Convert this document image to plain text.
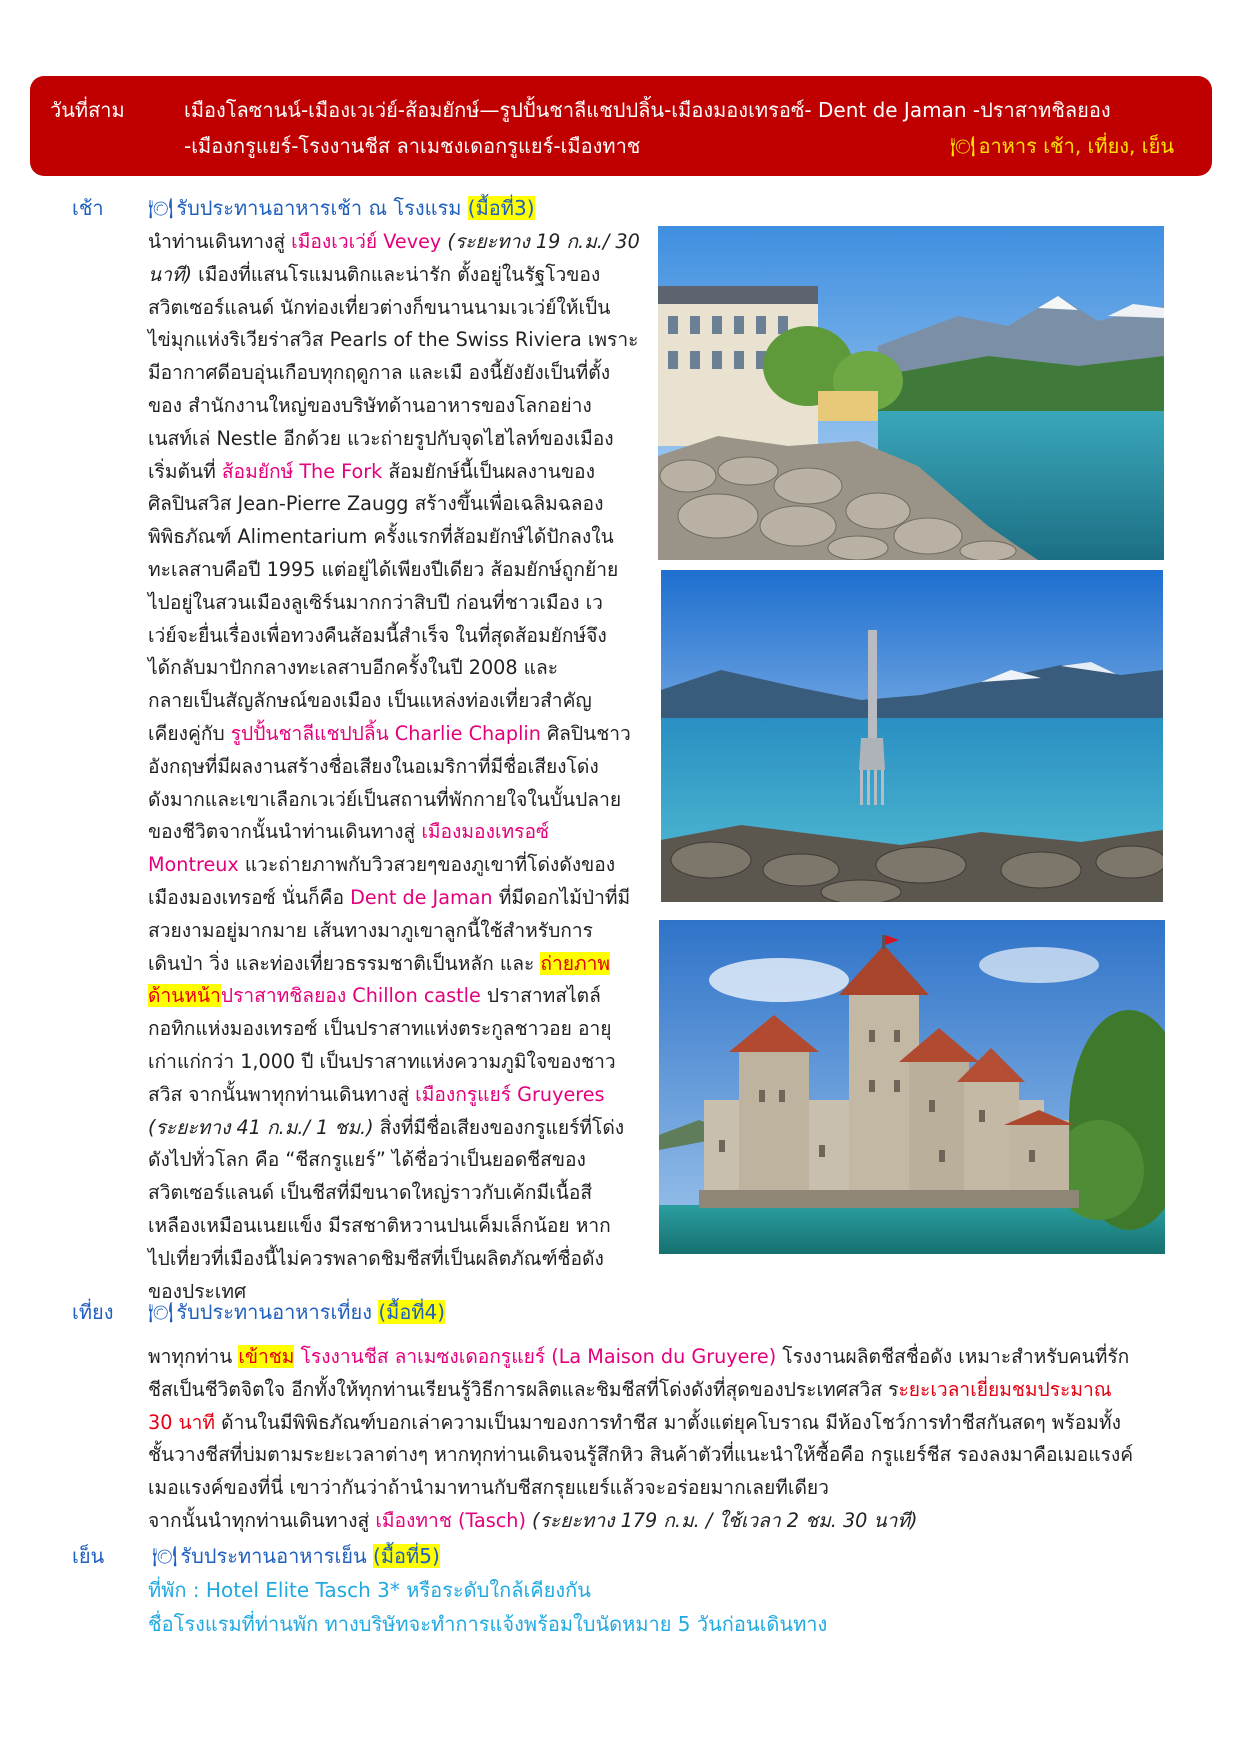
วันที่สาม	เมืองโลซานน์-เมืองเวเว่ย์-ส้อมยักษ์—รูปปั้นชาลีแชปปลิ้น-เมืองมองเทรอซ์- Dent de Jaman -ปราสาทชิลยอง
-เมืองกรูแยร์-โรงงานชีส ลาเมชงเดอกรูแยร์-เมืองทาช	🍽 อาหาร เช้า, เที่ยง, เย็น
เช้า 🍽 รับประทานอาหารเช้า ณ โรงแรม (มื้อที่3)
นำท่านเดินทางสู่ เมืองเวเว่ย์ Vevey (ระยะทาง 19 ก.ม./ 30
นาที) เมืองที่แสนโรแมนติกและน่ารัก ตั้งอยู่ในรัฐโวของ
สวิตเซอร์แลนด์ นักท่องเที่ยวต่างก็ขนานนามเวเว่ย์ให้เป็น
ไข่มุกแห่งริเวียร่าสวิส Pearls of the Swiss Riviera เพราะ
มีอากาศดีอบอุ่นเกือบทุกฤดูกาล และเมื องนี้ยังยังเป็นที่ตั้ง
ของ สำนักงานใหญ่ของบริษัทด้านอาหารของโลกอย่าง
เนสท์เล่ Nestle อีกด้วย แวะถ่ายรูปกับจุดไฮไลท์ของเมือง
เริ่มต้นที่ ส้อมยักษ์ The Fork ส้อมยักษ์นี้เป็นผลงานของ
ศิลปินสวิส Jean-Pierre Zaugg สร้างขึ้นเพื่อเฉลิมฉลอง
พิพิธภัณฑ์ Alimentarium ครั้งแรกที่ส้อมยักษ์ได้ปักลงใน
ทะเลสาบคือปี 1995 แต่อยู่ได้เพียงปีเดียว ส้อมยักษ์ถูกย้าย
ไปอยู่ในสวนเมืองลูเซิร์นมากกว่าสิบปี ก่อนที่ชาวเมือง เว
เว่ย์จะยื่นเรื่องเพื่อทวงคืนส้อมนี้สำเร็จ ในที่สุดส้อมยักษ์จึง
ได้กลับมาปักกลางทะเลสาบอีกครั้งในปี 2008 และ
กลายเป็นสัญลักษณ์ของเมือง เป็นแหล่งท่องเที่ยวสำคัญ
เคียงคู่กับ รูปปั้นชาลีแชปปลิ้น Charlie Chaplin ศิลปินชาว
อังกฤษที่มีผลงานสร้างชื่อเสียงในอเมริกาที่มีชื่อเสียงโด่ง
ดังมากและเขาเลือกเวเว่ย์เป็นสถานที่พักกายใจในบั้นปลาย
ของชีวิตจากนั้นนำท่านเดินทางสู่ เมืองมองเทรอซ์
Montreux แวะถ่ายภาพกับวิวสวยๆของภูเขาที่โด่งดังของ
เมืองมองเทรอซ์ นั่นก็คือ Dent de Jaman ที่มีดอกไม้ป่าที่มี
สวยงามอยู่มากมาย เส้นทางมาภูเขาลูกนี้ใช้สำหรับการ
เดินป่า วิ่ง และท่องเที่ยวธรรมชาติเป็นหลัก และ ถ่ายภาพ
ด้านหน้าปราสาทชิลยอง Chillon castle ปราสาทสไตล์
กอทิกแห่งมองเทรอซ์ เป็นปราสาทแห่งตระกูลชาวอย อายุ
เก่าแก่กว่า 1,000 ปี เป็นปราสาทแห่งความภูมิใจของชาว
สวิส จากนั้นพาทุกท่านเดินทางสู่ เมืองกรูแยร์ Gruyeres
(ระยะทาง 41 ก.ม./ 1 ชม.) สิ่งที่มีชื่อเสียงของกรูแยร์ที่โด่ง
ดังไปทั่วโลก คือ “ชีสกรูแยร์” ได้ชื่อว่าเป็นยอดชีสของ
สวิตเซอร์แลนด์ เป็นชีสที่มีขนาดใหญ่ราวกับเค้กมีเนื้อสี
เหลืองเหมือนเนยแข็ง มีรสชาติหวานปนเค็มเล็กน้อย หาก
ไปเที่ยวที่เมืองนี้ไม่ควรพลาดชิมชีสที่เป็นผลิตภัณฑ์ชื่อดัง
ของประเทศ
เที่ยง 🍽 รับประทานอาหารเที่ยง (มื้อที่4)
พาทุกท่าน เข้าชม โรงงานชีส ลาเมซงเดอกรูแยร์ (La Maison du Gruyere) โรงงานผลิตชีสชื่อดัง เหมาะสำหรับคนที่รัก
ชีสเป็นชีวิตจิตใจ อีกทั้งให้ทุกท่านเรียนรู้วิธีการผลิตและชิมชีสที่โด่งดังที่สุดของประเทศสวิส ระยะเวลาเยี่ยมชมประมาณ
30 นาที ด้านในมีพิพิธภัณฑ์บอกเล่าความเป็นมาของการทำชีส มาตั้งแต่ยุคโบราณ มีห้องโชว์การทำชีสกันสดๆ พร้อมทั้ง
ชั้นวางชีสที่บ่มตามระยะเวลาต่างๆ หากทุกท่านเดินจนรู้สึกหิว สินค้าตัวที่แนะนำให้ซื้อคือ กรูแยร์ชีส รองลงมาคือเมอแรงค์
เมอแรงค์ของที่นี่ เขาว่ากันว่าถ้านำมาทานกับชีสกรุยแยร์แล้วจะอร่อยมากเลยทีเดียว
จากนั้นนำทุกท่านเดินทางสู่ เมืองทาช (Tasch) (ระยะทาง 179 ก.ม. / ใช้เวลา 2 ชม. 30 นาที)
เย็น 🍽 รับประทานอาหารเย็น (มื้อที่5)
ที่พัก : Hotel Elite Tasch 3* หรือระดับใกล้เคียงกัน
ชื่อโรงแรมที่ท่านพัก ทางบริษัทจะทำการแจ้งพร้อมใบนัดหมาย 5 วันก่อนเดินทาง
